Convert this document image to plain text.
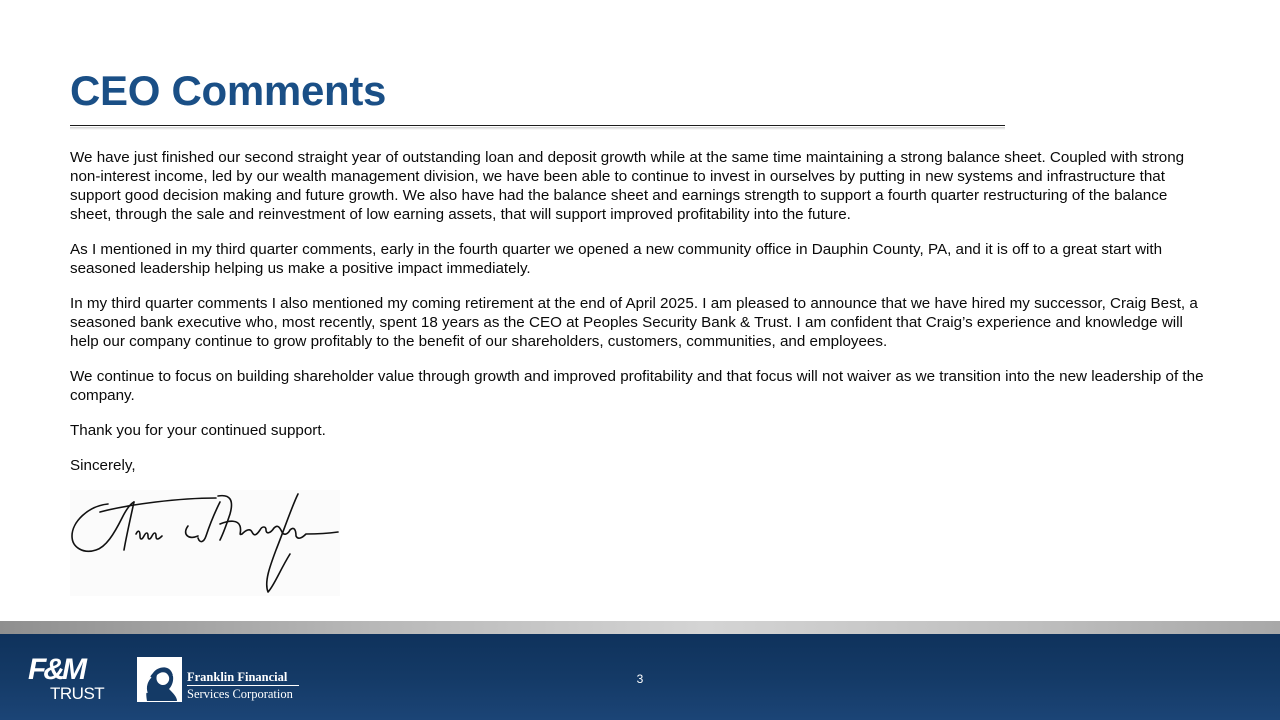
CEO Comments

We have just finished our second straight year of outstanding loan and deposit growth while at the same time maintaining a strong balance sheet. Coupled with strong non-interest income, led by our wealth management division, we have been able to continue to invest in ourselves by putting in new systems and infrastructure that support good decision making and future growth. We also have had the balance sheet and earnings strength to support a fourth quarter restructuring of the balance sheet, through the sale and reinvestment of low earning assets, that will support improved profitability into the future.

As I mentioned in my third quarter comments, early in the fourth quarter we opened a new community office in Dauphin County, PA, and it is off to a great start with seasoned leadership helping us make a positive impact immediately.

In my third quarter comments I also mentioned my coming retirement at the end of April 2025. I am pleased to announce that we have hired my successor, Craig Best, a seasoned bank executive who, most recently, spent 18 years as the CEO at Peoples Security Bank & Trust. I am confident that Craig’s experience and knowledge will help our company continue to grow profitably to the benefit of our shareholders, customers, communities, and employees.

We continue to focus on building shareholder value through growth and improved profitability and that focus will not waiver as we transition into the new leadership of the company.

Thank you for your continued support.

Sincerely,

F&M
TRUST
Franklin Financial
Services Corporation
3
